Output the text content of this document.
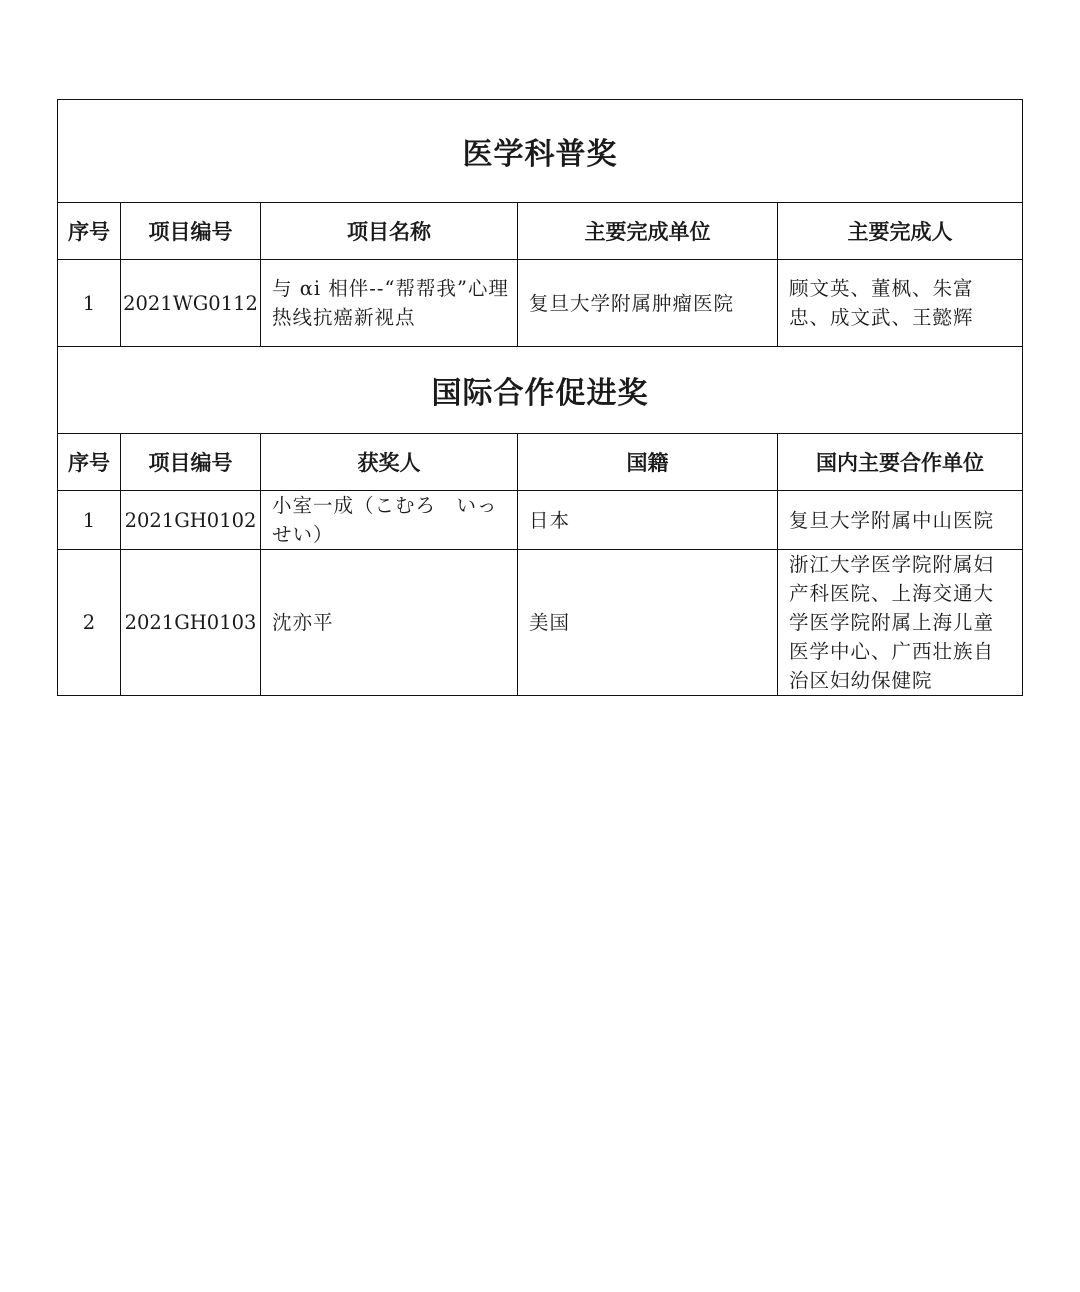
医学科普奖				
序号	项目编号	项目名称	主要完成单位	主要完成人
1	2021WG0112	与 αi 相伴--“帮帮我”心理热线抗癌新视点	复旦大学附属肿瘤医院	顾文英、董枫、朱富忠、成文武、王懿辉
国际合作促进奖				
序号	项目编号	获奖人	国籍	国内主要合作单位
1	2021GH0102	小室一成（こむろ　いっせい）	日本	复旦大学附属中山医院
2	2021GH0103	沈亦平	美国	浙江大学医学院附属妇产科医院、上海交通大学医学院附属上海儿童医学中心、广西壮族自治区妇幼保健院
